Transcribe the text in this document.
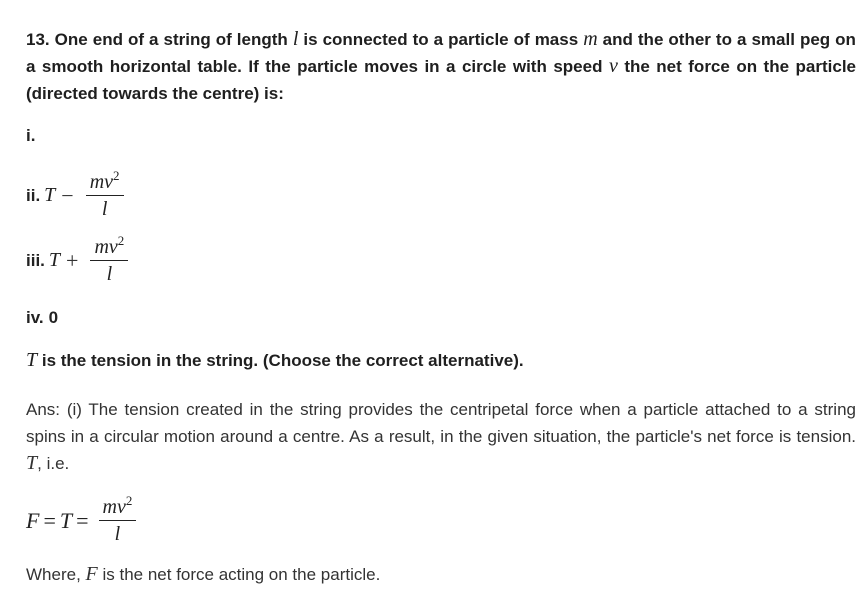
13. One end of a string of length l is connected to a particle of mass m and the other to a small peg on a smooth horizontal table. If the particle moves in a circle with speed v the net force on the particle (directed towards the centre) is:

i.
ii. $T - \frac{mv^2}{l}$
iii. $T + \frac{mv^2}{l}$
iv. 0
T is the tension in the string. (Choose the correct alternative).

Ans: (i) The tension created in the string provides the centripetal force when a particle attached to a string spins in a circular motion around a centre. As a result, in the given situation, the particle's net force is tension. T, i.e.

$F = T = \frac{mv^2}{l}$
Where, F is the net force acting on the particle.
